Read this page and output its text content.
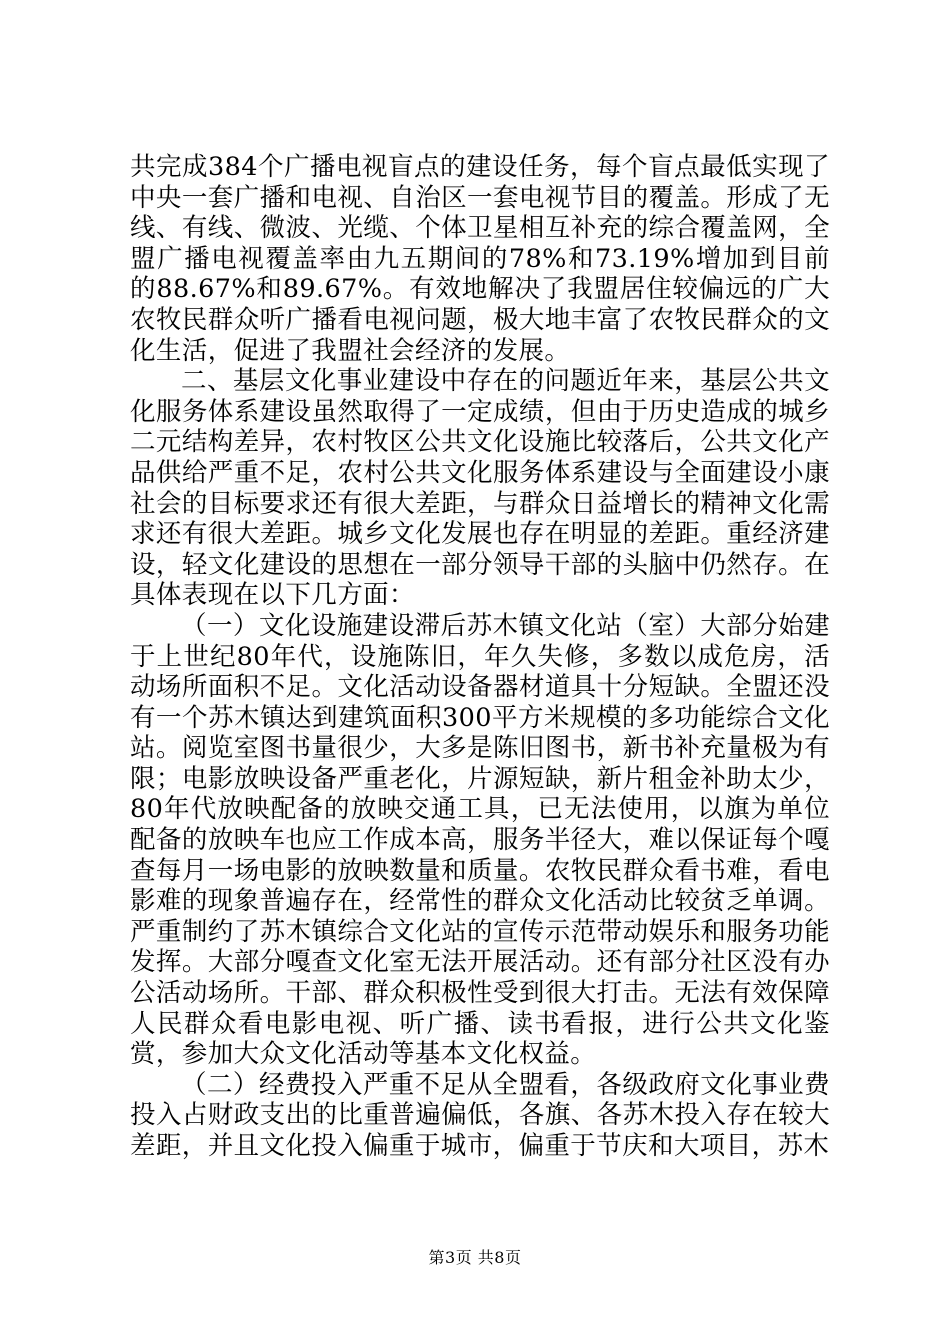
共完成384个广播电视盲点的建设任务，每个盲点最低实现了中央一套广播和电视、自治区一套电视节目的覆盖。形成了无线、有线、微波、光缆、个体卫星相互补充的综合覆盖网，全盟广播电视覆盖率由九五期间的78%和73.19%增加到目前的88.67%和89.67%。有效地解决了我盟居住较偏远的广大农牧民群众听广播看电视问题，极大地丰富了农牧民群众的文化生活，促进了我盟社会经济的发展。

二、基层文化事业建设中存在的问题近年来，基层公共文化服务体系建设虽然取得了一定成绩，但由于历史造成的城乡二元结构差异，农村牧区公共文化设施比较落后，公共文化产品供给严重不足，农村公共文化服务体系建设与全面建设小康社会的目标要求还有很大差距，与群众日益增长的精神文化需求还有很大差距。城乡文化发展也存在明显的差距。重经济建设，轻文化建设的思想在一部分领导干部的头脑中仍然存。在具体表现在以下几方面：

（一）文化设施建设滞后苏木镇文化站（室）大部分始建于上世纪80年代，设施陈旧，年久失修，多数以成危房，活动场所面积不足。文化活动设备器材道具十分短缺。全盟还没有一个苏木镇达到建筑面积300平方米规模的多功能综合文化站。阅览室图书量很少，大多是陈旧图书，新书补充量极为有限；电影放映设备严重老化，片源短缺，新片租金补助太少，80年代放映配备的放映交通工具，已无法使用，以旗为单位配备的放映车也应工作成本高，服务半径大，难以保证每个嘎查每月一场电影的放映数量和质量。农牧民群众看书难，看电影难的现象普遍存在，经常性的群众文化活动比较贫乏单调。严重制约了苏木镇综合文化站的宣传示范带动娱乐和服务功能发挥。大部分嘎查文化室无法开展活动。还有部分社区没有办公活动场所。干部、群众积极性受到很大打击。无法有效保障人民群众看电影电视、听广播、读书看报，进行公共文化鉴赏，参加大众文化活动等基本文化权益。

（二）经费投入严重不足从全盟看，各级政府文化事业费投入占财政支出的比重普遍偏低，各旗、各苏木投入存在较大差距，并且文化投入偏重于城市，偏重于节庆和大项目，苏木

第3页 共8页
